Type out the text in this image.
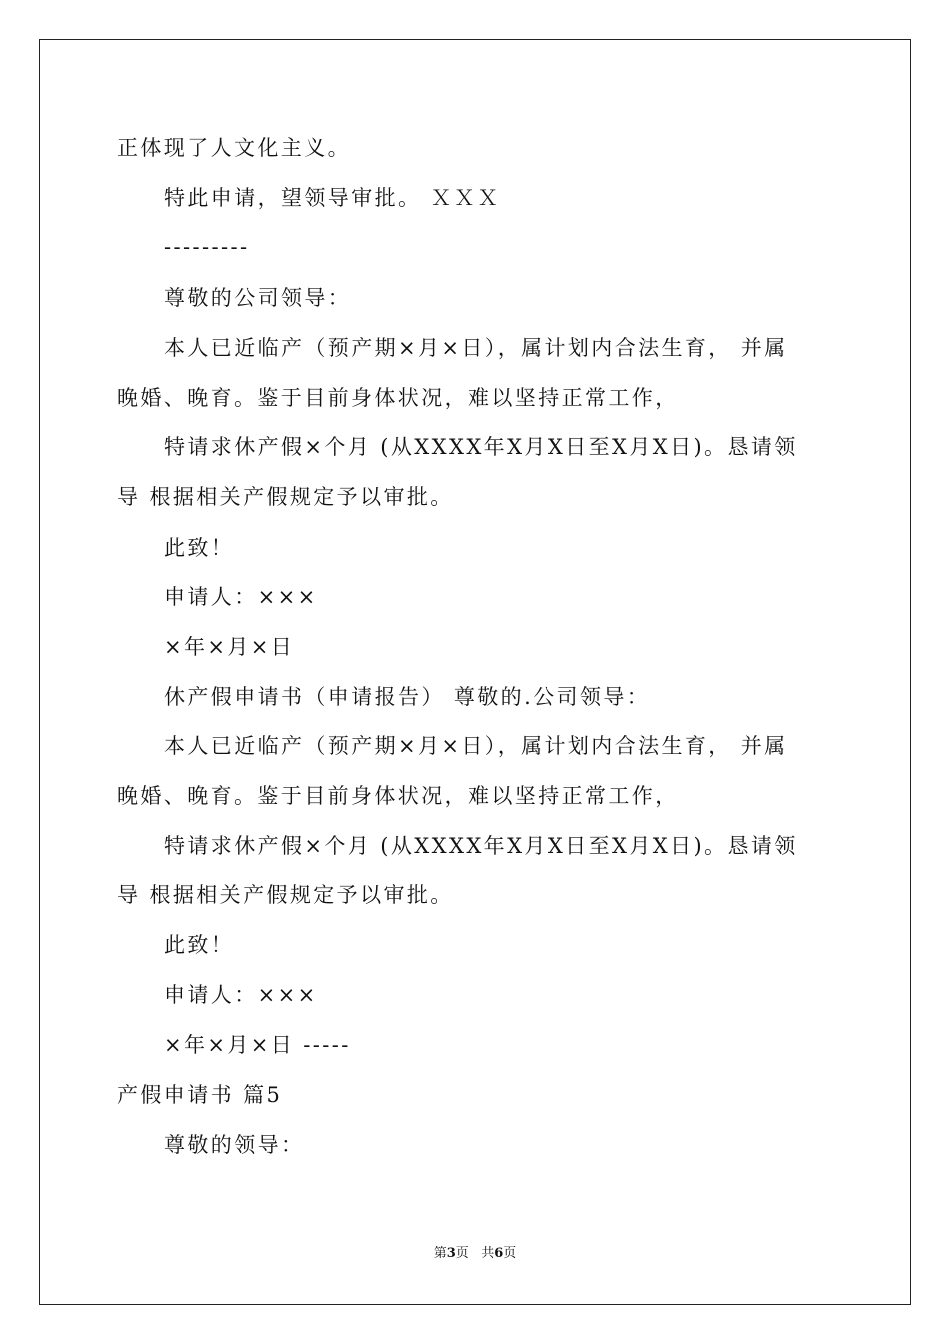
正体现了人文化主义。
特此申请，望领导审批。 ＸＸＸ
---------
尊敬的公司领导：
本人已近临产（预产期×月×日），属计划内合法生育， 并属
晚婚、晚育。鉴于目前身体状况，难以坚持正常工作，
特请求休产假×个月 (从XXXX年X月X日至X月X日)。恳请领
导 根据相关产假规定予以审批。
此致！
申请人：×××
×年×月×日
休产假申请书（申请报告） 尊敬的.公司领导：
本人已近临产（预产期×月×日），属计划内合法生育， 并属
晚婚、晚育。鉴于目前身体状况，难以坚持正常工作，
特请求休产假×个月 (从XXXX年X月X日至X月X日)。恳请领
导 根据相关产假规定予以审批。
此致！
申请人：×××
×年×月×日 -----
产假申请书 篇5
尊敬的领导：
第3页 共6页
